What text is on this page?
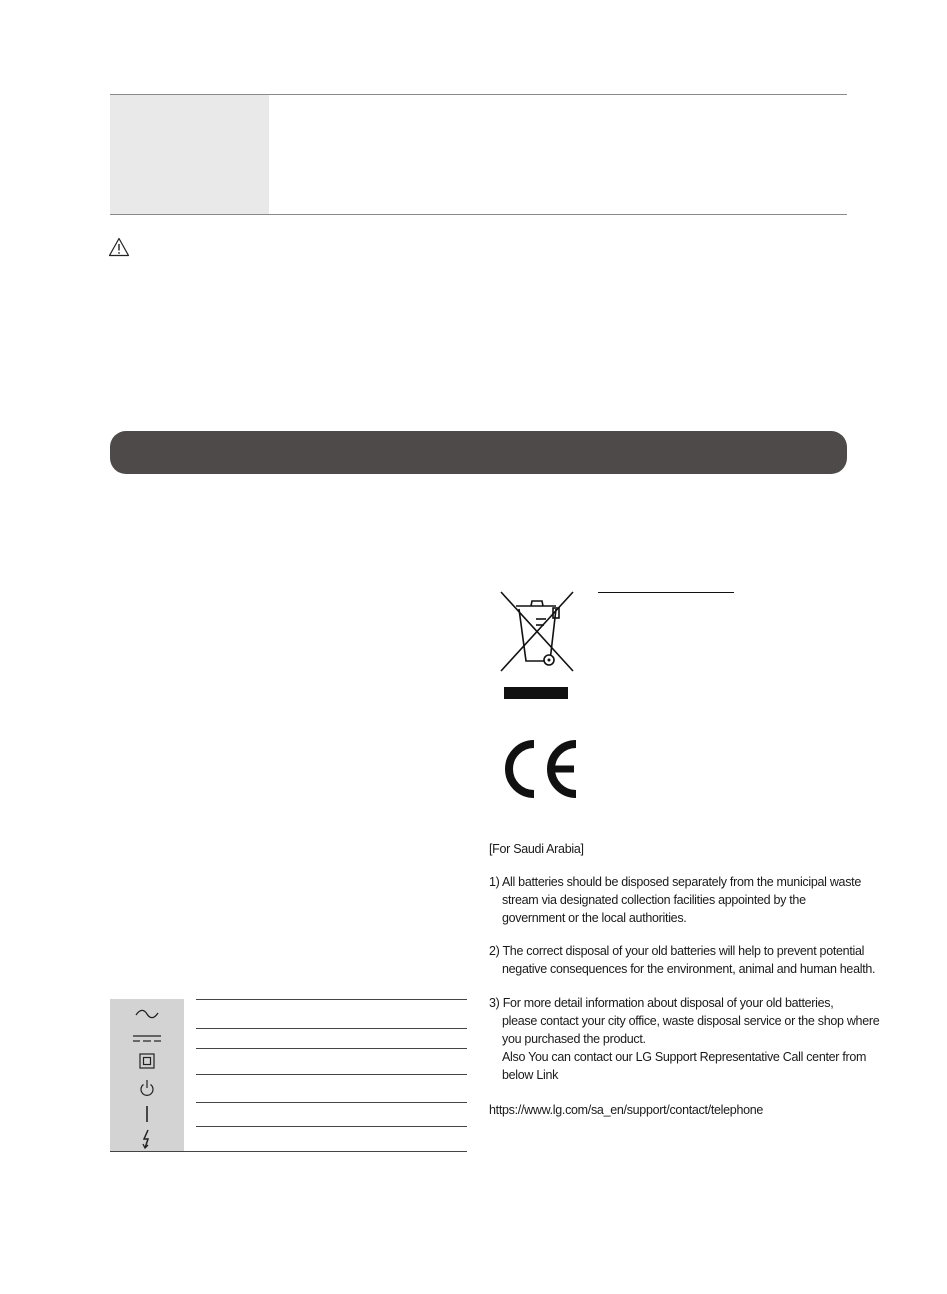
[For Saudi Arabia]
1) All batteries should be disposed separately from the municipal waste
stream via designated collection facilities appointed by the
government or the local authorities.
2) The correct disposal of your old batteries will help to prevent potential
negative consequences for the environment, animal and human health.
3) For more detail information about disposal of your old batteries,
please contact your city office, waste disposal service or the shop where
you purchased the product.
Also You can contact our LG Support Representative Call center from
below Link
https://www.lg.com/sa_en/support/contact/telephone
